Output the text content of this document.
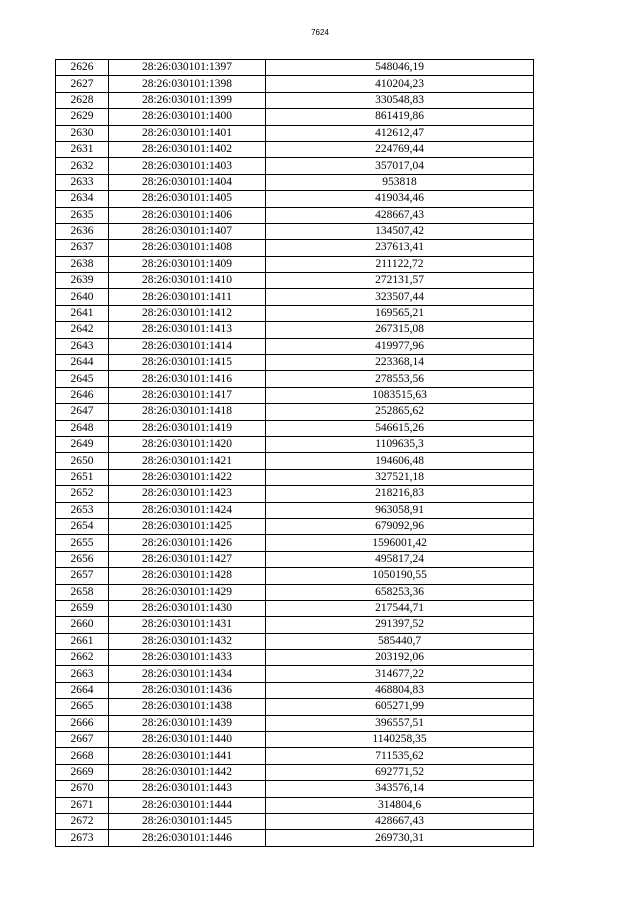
7624
2626	28:26:030101:1397	548046,19
2627	28:26:030101:1398	410204,23
2628	28:26:030101:1399	330548,83
2629	28:26:030101:1400	861419,86
2630	28:26:030101:1401	412612,47
2631	28:26:030101:1402	224769,44
2632	28:26:030101:1403	357017,04
2633	28:26:030101:1404	953818
2634	28:26:030101:1405	419034,46
2635	28:26:030101:1406	428667,43
2636	28:26:030101:1407	134507,42
2637	28:26:030101:1408	237613,41
2638	28:26:030101:1409	211122,72
2639	28:26:030101:1410	272131,57
2640	28:26:030101:1411	323507,44
2641	28:26:030101:1412	169565,21
2642	28:26:030101:1413	267315,08
2643	28:26:030101:1414	419977,96
2644	28:26:030101:1415	223368,14
2645	28:26:030101:1416	278553,56
2646	28:26:030101:1417	1083515,63
2647	28:26:030101:1418	252865,62
2648	28:26:030101:1419	546615,26
2649	28:26:030101:1420	1109635,3
2650	28:26:030101:1421	194606,48
2651	28:26:030101:1422	327521,18
2652	28:26:030101:1423	218216,83
2653	28:26:030101:1424	963058,91
2654	28:26:030101:1425	679092,96
2655	28:26:030101:1426	1596001,42
2656	28:26:030101:1427	495817,24
2657	28:26:030101:1428	1050190,55
2658	28:26:030101:1429	658253,36
2659	28:26:030101:1430	217544,71
2660	28:26:030101:1431	291397,52
2661	28:26:030101:1432	585440,7
2662	28:26:030101:1433	203192,06
2663	28:26:030101:1434	314677,22
2664	28:26:030101:1436	468804,83
2665	28:26:030101:1438	605271,99
2666	28:26:030101:1439	396557,51
2667	28:26:030101:1440	1140258,35
2668	28:26:030101:1441	711535,62
2669	28:26:030101:1442	692771,52
2670	28:26:030101:1443	343576,14
2671	28:26:030101:1444	314804,6
2672	28:26:030101:1445	428667,43
2673	28:26:030101:1446	269730,31
